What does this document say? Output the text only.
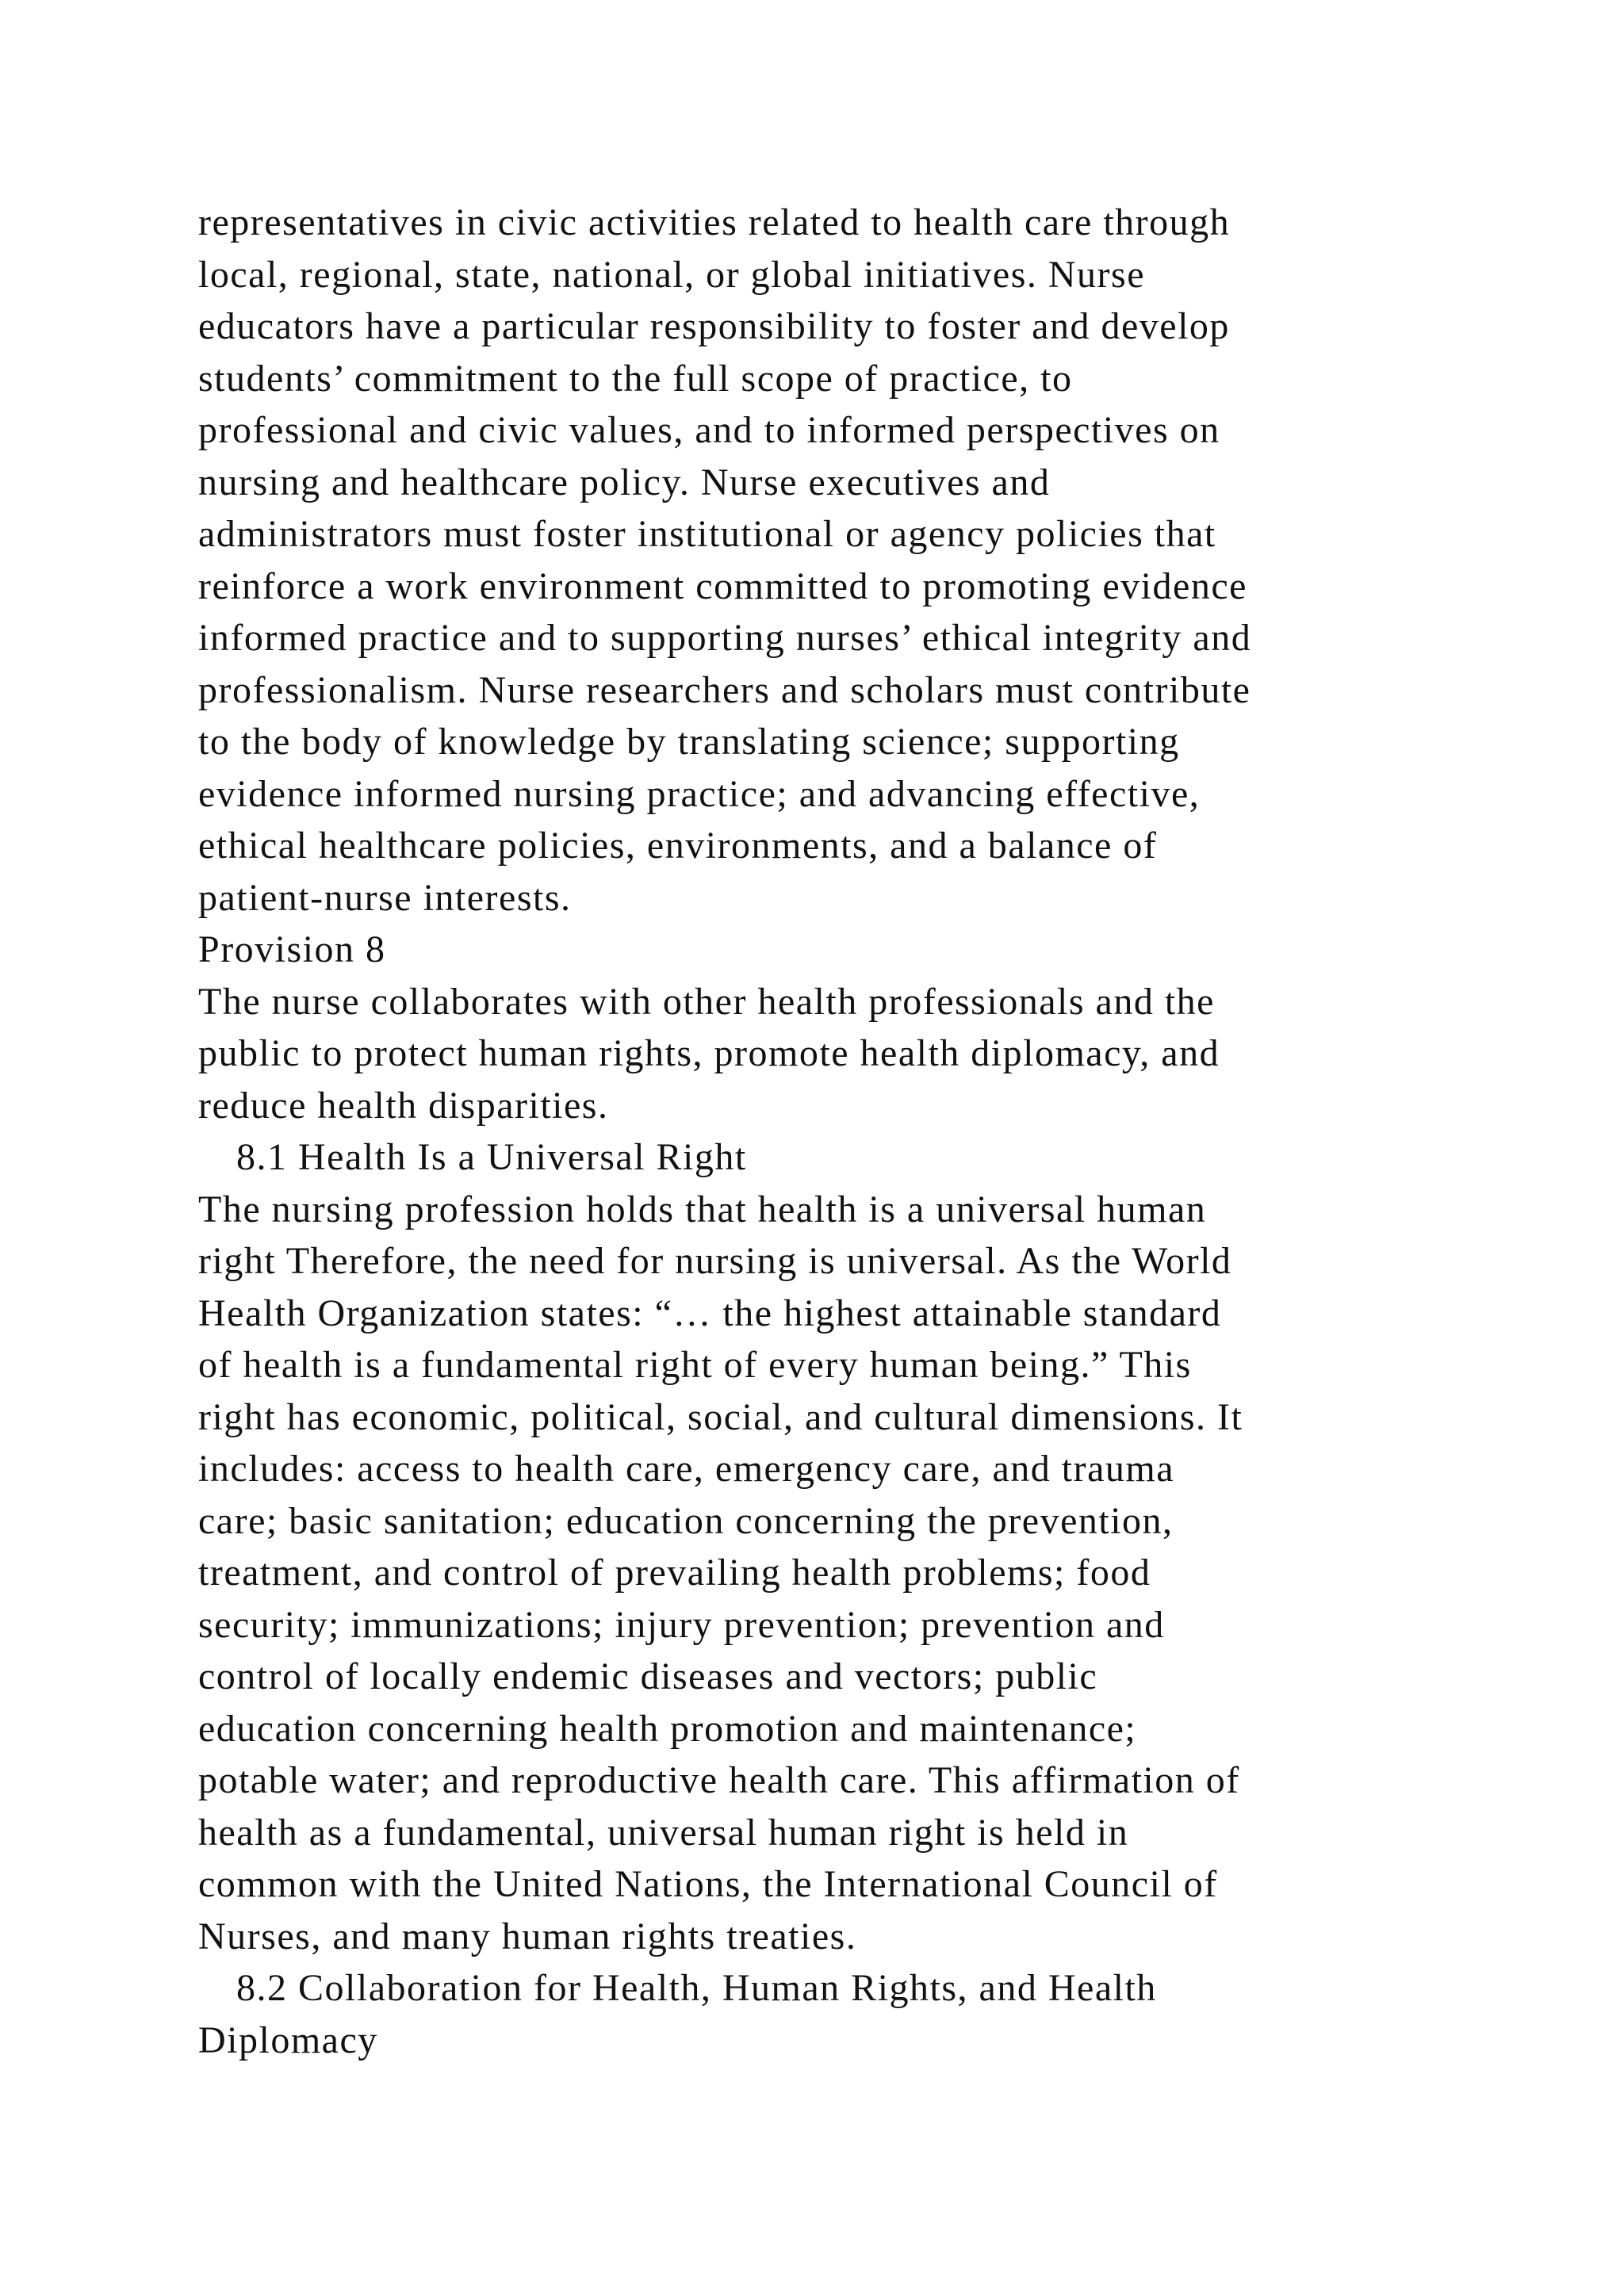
representatives in civic activities related to health care through
local, regional, state, national, or global initiatives. Nurse
educators have a particular responsibility to foster and develop
students’ commitment to the full scope of practice, to
professional and civic values, and to informed perspectives on
nursing and healthcare policy. Nurse executives and
administrators must foster institutional or agency policies that
reinforce a work environment committed to promoting evidence
informed practice and to supporting nurses’ ethical integrity and
professionalism. Nurse researchers and scholars must contribute
to the body of knowledge by translating science; supporting
evidence informed nursing practice; and advancing effective,
ethical healthcare policies, environments, and a balance of
patient-nurse interests.
Provision 8
The nurse collaborates with other health professionals and the
public to protect human rights, promote health diplomacy, and
reduce health disparities.
8.1 Health Is a Universal Right
The nursing profession holds that health is a universal human
right Therefore, the need for nursing is universal. As the World
Health Organization states: “… the highest attainable standard
of health is a fundamental right of every human being.” This
right has economic, political, social, and cultural dimensions. It
includes: access to health care, emergency care, and trauma
care; basic sanitation; education concerning the prevention,
treatment, and control of prevailing health problems; food
security; immunizations; injury prevention; prevention and
control of locally endemic diseases and vectors; public
education concerning health promotion and maintenance;
potable water; and reproductive health care. This affirmation of
health as a fundamental, universal human right is held in
common with the United Nations, the International Council of
Nurses, and many human rights treaties.
8.2 Collaboration for Health, Human Rights, and Health
Diplomacy
